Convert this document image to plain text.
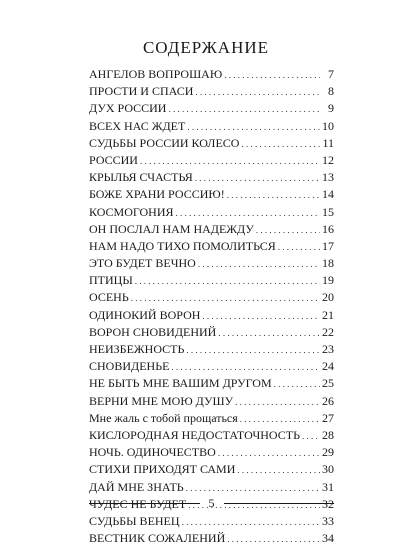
СОДЕРЖАНИЕ
АНГЕЛОВ ВОПРОШАЮ . . .	7
ПРОСТИ И СПАСИ . . .	8
ДУХ РОССИИ . . .	9
ВСЕХ НАС ЖДЕТ . . .	10
СУДЬБЫ РОССИИ КОЛЕСО . . .	11
РОССИИ . . .	12
КРЫЛЬЯ СЧАСТЬЯ . . .	13
БОЖЕ ХРАНИ РОССИЮ! . . .	14
КОСМОГОНИЯ . . .	15
ОН ПОСЛАЛ НАМ НАДЕЖДУ . . .	16
НАМ НАДО ТИХО ПОМОЛИТЬСЯ . . .	17
ЭТО БУДЕТ ВЕЧНО . . .	18
ПТИЦЫ . . .	19
ОСЕНЬ . . .	20
ОДИНОКИЙ ВОРОН . . .	21
ВОРОН СНОВИДЕНИЙ . . .	22
НЕИЗБЕЖНОСТЬ . . .	23
СНОВИДЕНЬЕ . . .	24
НЕ БЫТЬ МНЕ ВАШИМ ДРУГОМ . . .	25
ВЕРНИ МНЕ МОЮ ДУШУ . . .	26
Мне жаль с тобой прощаться . . .	27
КИСЛОРОДНАЯ НЕДОСТАТОЧНОСТЬ . . . 28
НОЧЬ. ОДИНОЧЕСТВО . . .	29
СТИХИ ПРИХОДЯТ САМИ . . .	30
ДАЙ МНЕ ЗНАТЬ . . .	31
ЧУДЕС НЕ БУДЕТ . . .	32
СУДЬБЫ ВЕНЕЦ . . .	33
ВЕСТНИК СОЖАЛЕНИЙ . . .	34
5
